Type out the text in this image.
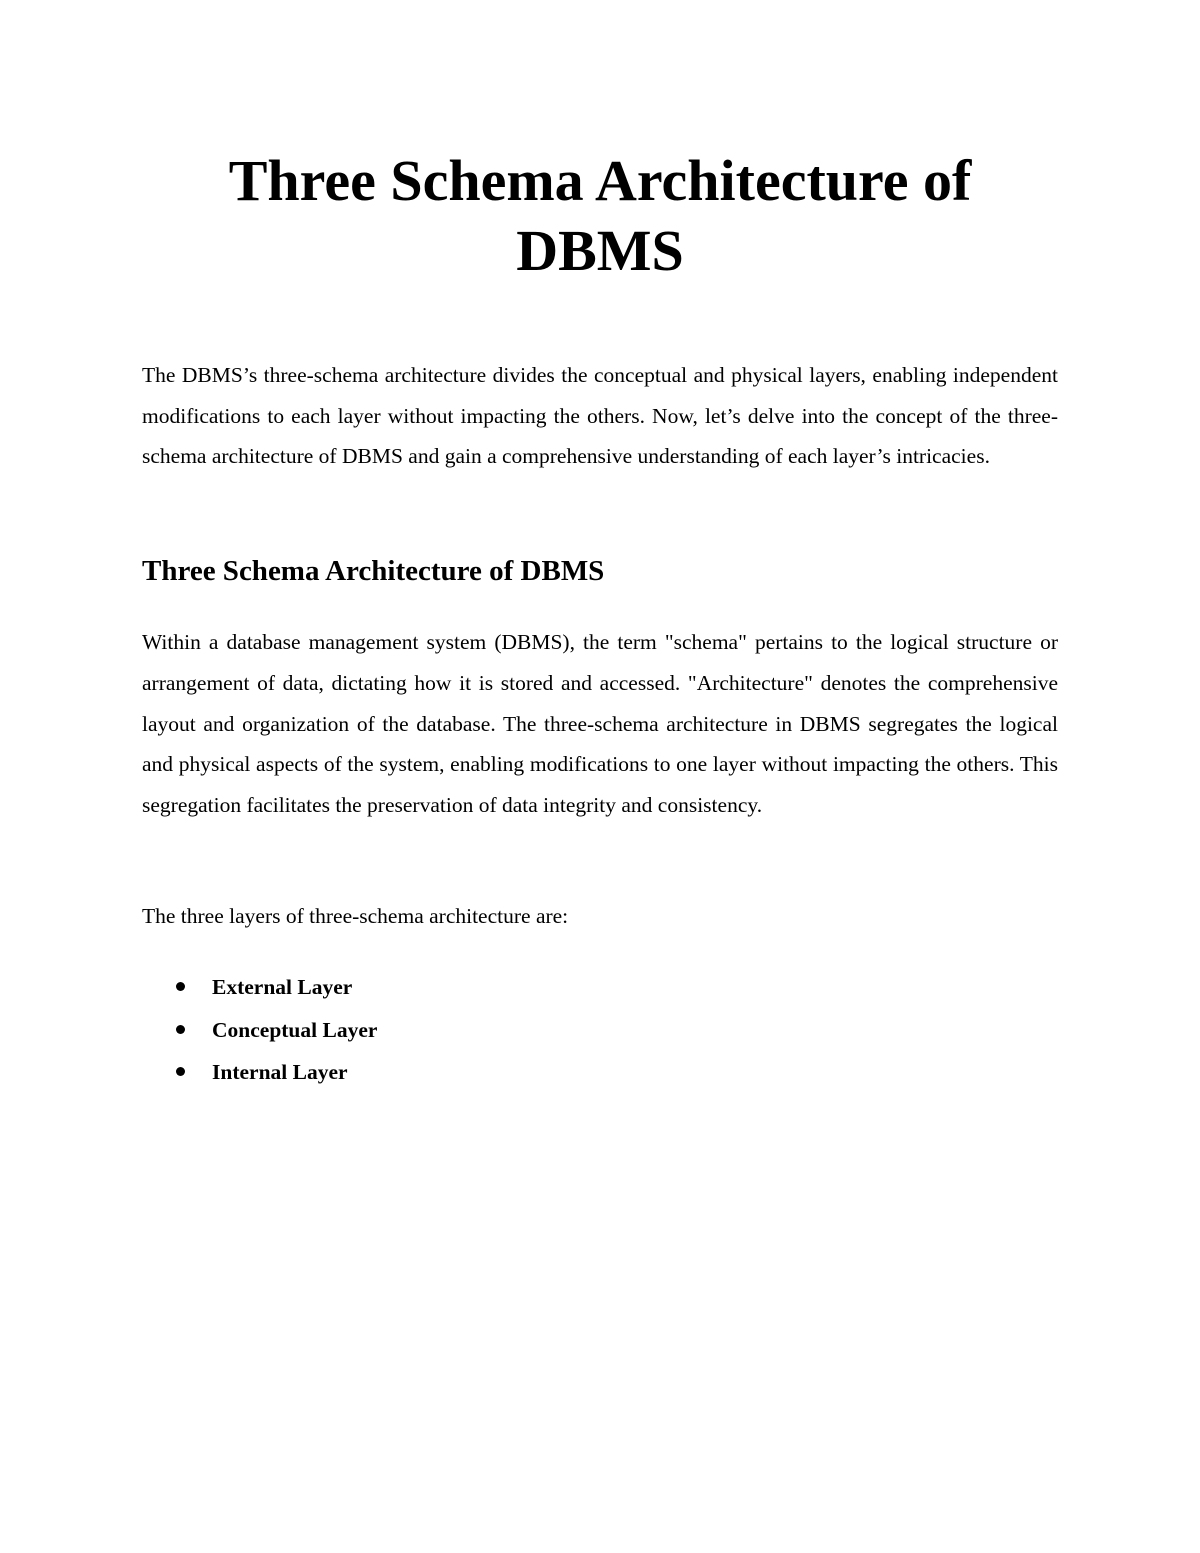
Three Schema Architecture of
DBMS

The DBMS’s three-schema architecture divides the conceptual and physical layers, enabling independent modifications to each layer without impacting the others. Now, let’s delve into the concept of the three-schema architecture of DBMS and gain a comprehensive understanding of each layer’s intricacies.

Three Schema Architecture of DBMS

Within a database management system (DBMS), the term "schema" pertains to the logical structure or arrangement of data, dictating how it is stored and accessed. "Architecture" denotes the comprehensive layout and organization of the database. The three-schema architecture in DBMS segregates the logical and physical aspects of the system, enabling modifications to one layer without impacting the others. This segregation facilitates the preservation of data integrity and consistency.

The three layers of three-schema architecture are:

External Layer
Conceptual Layer
Internal Layer
